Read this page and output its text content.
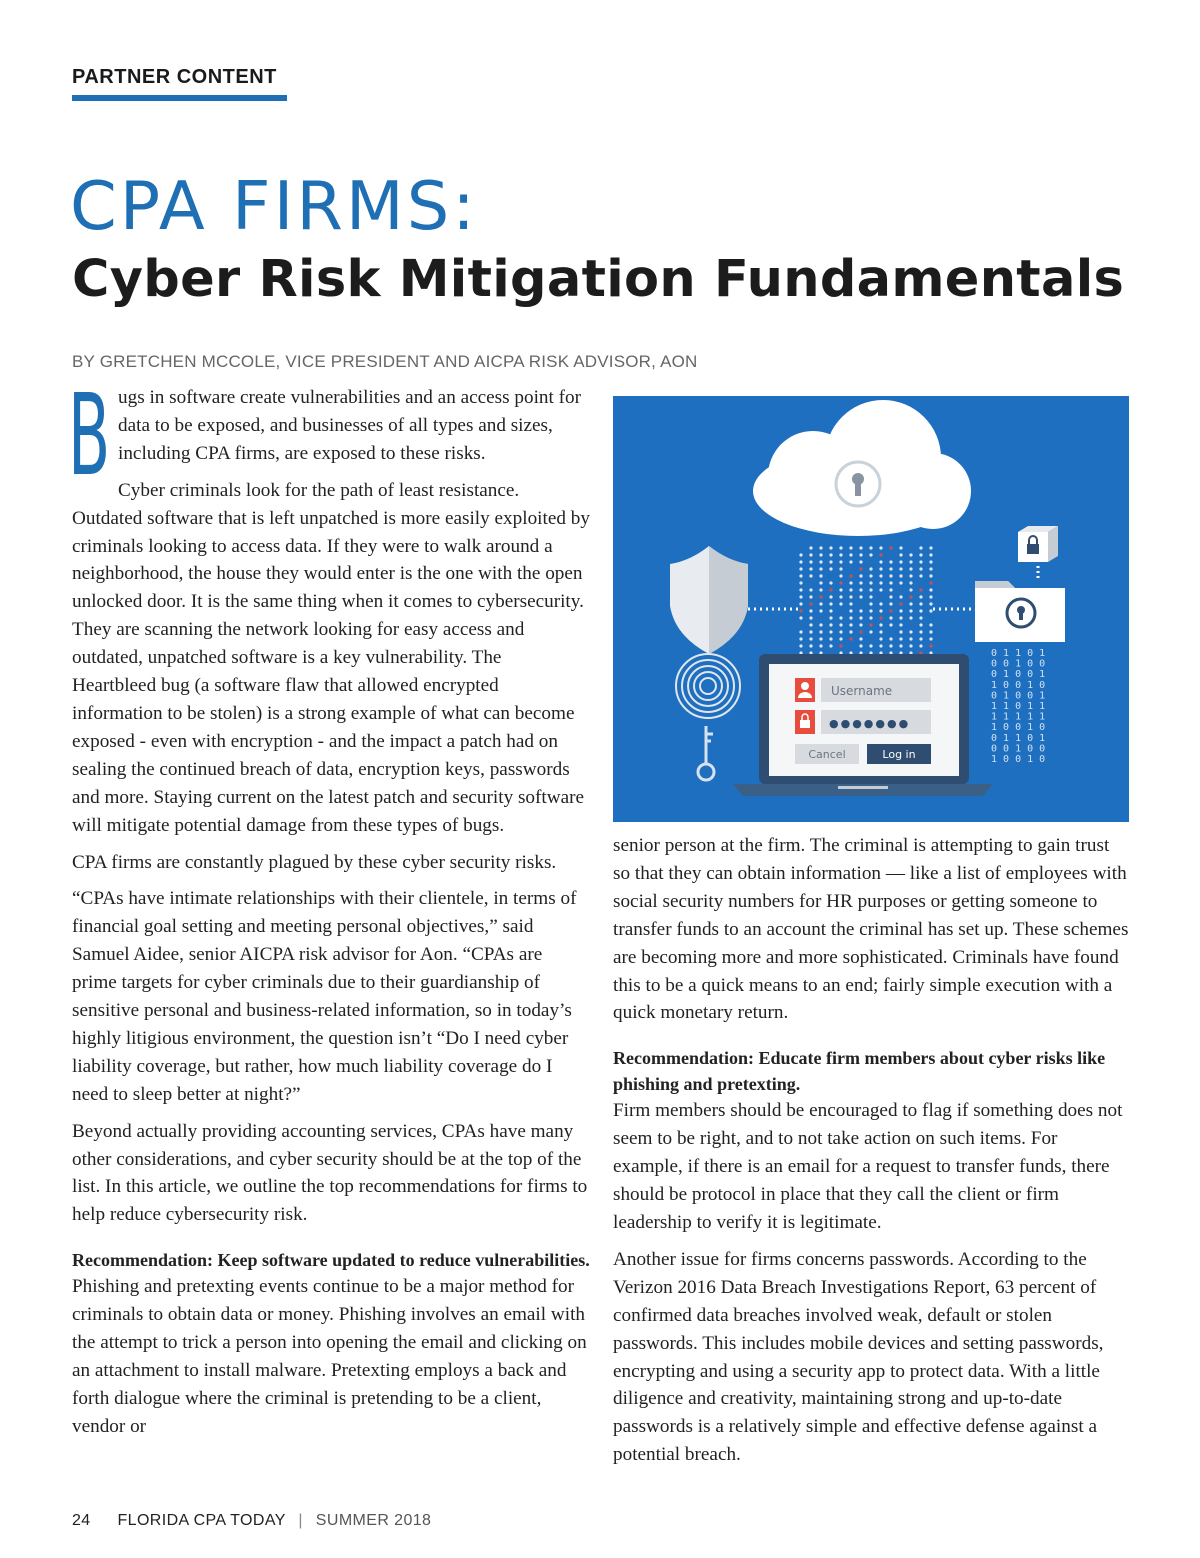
PARTNER CONTENT
CPA FIRMS:
Cyber Risk Mitigation Fundamentals
BY GRETCHEN MCCOLE, VICE PRESIDENT AND AICPA RISK ADVISOR, AON

Bugs in software create vulnerabilities and an access point for data to be exposed, and businesses of all types and sizes, including CPA firms, are exposed to these risks.

Cyber criminals look for the path of least resistance. Outdated software that is left unpatched is more easily exploited by criminals looking to access data. If they were to walk around a neighborhood, the house they would enter is the one with the open unlocked door. It is the same thing when it comes to cybersecurity. They are scanning the network looking for easy access and outdated, unpatched software is a key vulnerability. The Heartbleed bug (a software flaw that allowed encrypted information to be stolen) is a strong example of what can become exposed - even with encryption - and the impact a patch had on sealing the continued breach of data, encryption keys, passwords and more. Staying current on the latest patch and security software will mitigate potential damage from these types of bugs.

CPA firms are constantly plagued by these cyber security risks.

“CPAs have intimate relationships with their clientele, in terms of financial goal setting and meeting personal objectives,” said Samuel Aidee, senior AICPA risk advisor for Aon. “CPAs are prime targets for cyber criminals due to their guardianship of sensitive personal and business-related information, so in today’s highly litigious environment, the question isn’t “Do I need cyber liability coverage, but rather, how much liability coverage do I need to sleep better at night?”

Beyond actually providing accounting services, CPAs have many other considerations, and cyber security should be at the top of the list. In this article, we outline the top recommendations for firms to help reduce cybersecurity risk.

Recommendation: Keep software updated to reduce vulnerabilities.

Phishing and pretexting events continue to be a major method for criminals to obtain data or money. Phishing involves an email with the attempt to trick a person into opening the email and clicking on an attachment to install malware. Pretexting employs a back and forth dialogue where the criminal is pretending to be a client, vendor or

0 1 1 0 1
0 0 1 0 0
0 1 0 0 1
1 0 0 1 0
0 1 0 0 1
1 1 0 1 1
1 1 1 1 1
1 0 0 1 0
0 1 1 0 1
0 0 1 0 0
1 0 0 1 0
Username
●●●●●●●
Cancel	Log in

senior person at the firm. The criminal is attempting to gain trust so that they can obtain information — like a list of employees with social security numbers for HR purposes or getting someone to transfer funds to an account the criminal has set up. These schemes are becoming more and more sophisticated. Criminals have found this to be a quick means to an end; fairly simple execution with a quick monetary return.

Recommendation: Educate firm members about cyber risks like phishing and pretexting.

Firm members should be encouraged to flag if something does not seem to be right, and to not take action on such items. For example, if there is an email for a request to transfer funds, there should be protocol in place that they call the client or firm leadership to verify it is legitimate.

Another issue for firms concerns passwords. According to the Verizon 2016 Data Breach Investigations Report, 63 percent of confirmed data breaches involved weak, default or stolen passwords. This includes mobile devices and setting passwords, encrypting and using a security app to protect data. With a little diligence and creativity, maintaining strong and up-to-date passwords is a relatively simple and effective defense against a potential breach.

24 FLORIDA CPA TODAY | SUMMER 2018
